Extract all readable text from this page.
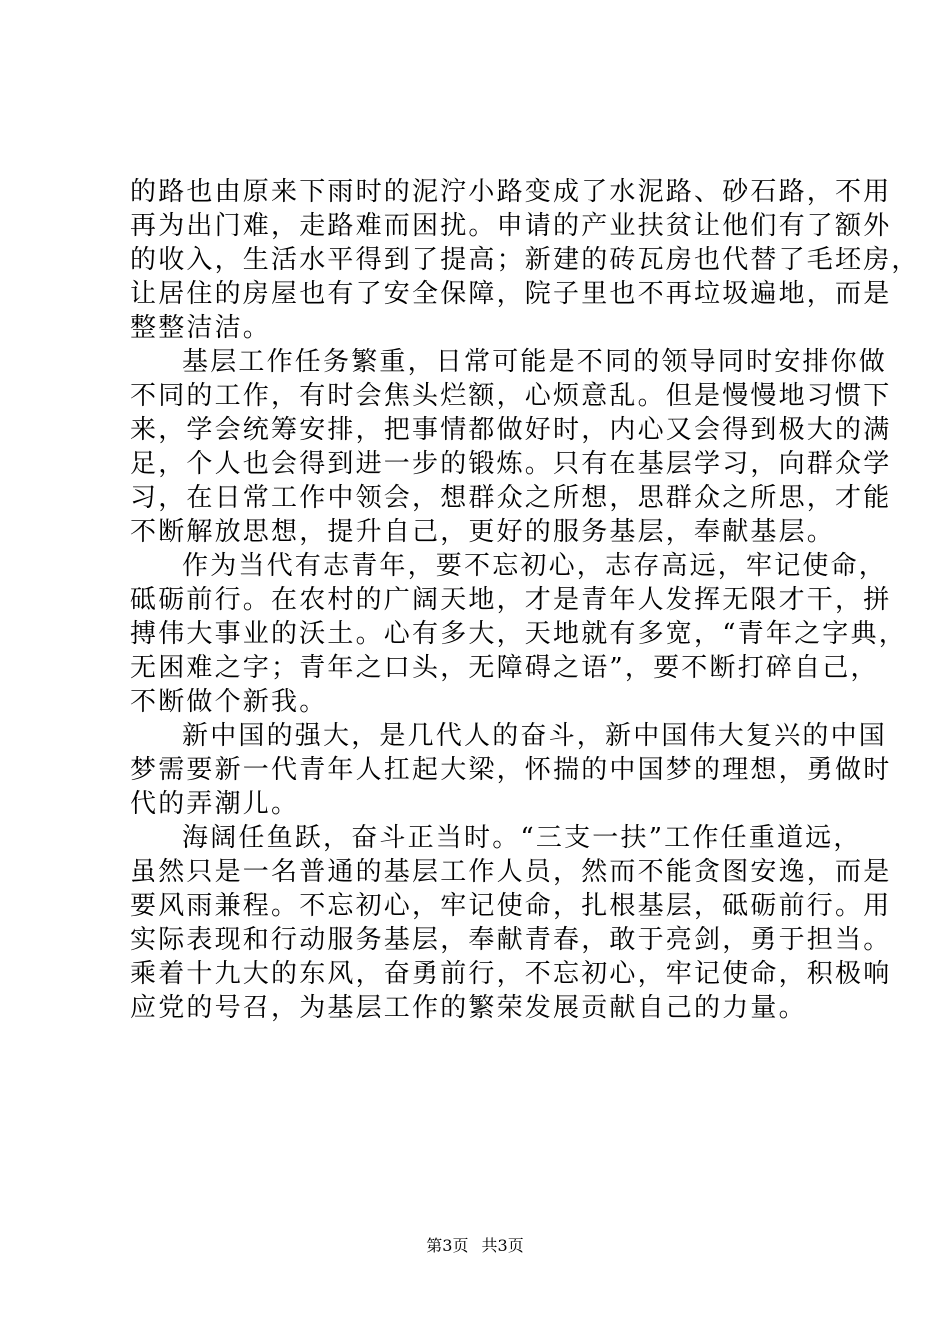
的路也由原来下雨时的泥泞小路变成了水泥路、砂石路，不用
再为出门难，走路难而困扰。申请的产业扶贫让他们有了额外
的收入，生活水平得到了提高；新建的砖瓦房也代替了毛坯房，
让居住的房屋也有了安全保障，院子里也不再垃圾遍地，而是
整整洁洁。
基层工作任务繁重，日常可能是不同的领导同时安排你做
不同的工作，有时会焦头烂额，心烦意乱。但是慢慢地习惯下
来，学会统筹安排，把事情都做好时，内心又会得到极大的满
足，个人也会得到进一步的锻炼。只有在基层学习，向群众学
习，在日常工作中领会，想群众之所想，思群众之所思，才能
不断解放思想，提升自己，更好的服务基层，奉献基层。
作为当代有志青年，要不忘初心，志存高远，牢记使命，
砥砺前行。在农村的广阔天地，才是青年人发挥无限才干，拼
搏伟大事业的沃土。心有多大，天地就有多宽，“青年之字典，
无困难之字；青年之口头，无障碍之语”，要不断打碎自己，
不断做个新我。
新中国的强大，是几代人的奋斗，新中国伟大复兴的中国
梦需要新一代青年人扛起大梁，怀揣的中国梦的理想，勇做时
代的弄潮儿。
海阔任鱼跃，奋斗正当时。“三支一扶”工作任重道远，
虽然只是一名普通的基层工作人员，然而不能贪图安逸，而是
要风雨兼程。不忘初心，牢记使命，扎根基层，砥砺前行。用
实际表现和行动服务基层，奉献青春，敢于亮剑，勇于担当。
乘着十九大的东风，奋勇前行，不忘初心，牢记使命，积极响
应党的号召，为基层工作的繁荣发展贡献自己的力量。
第3页 共3页
